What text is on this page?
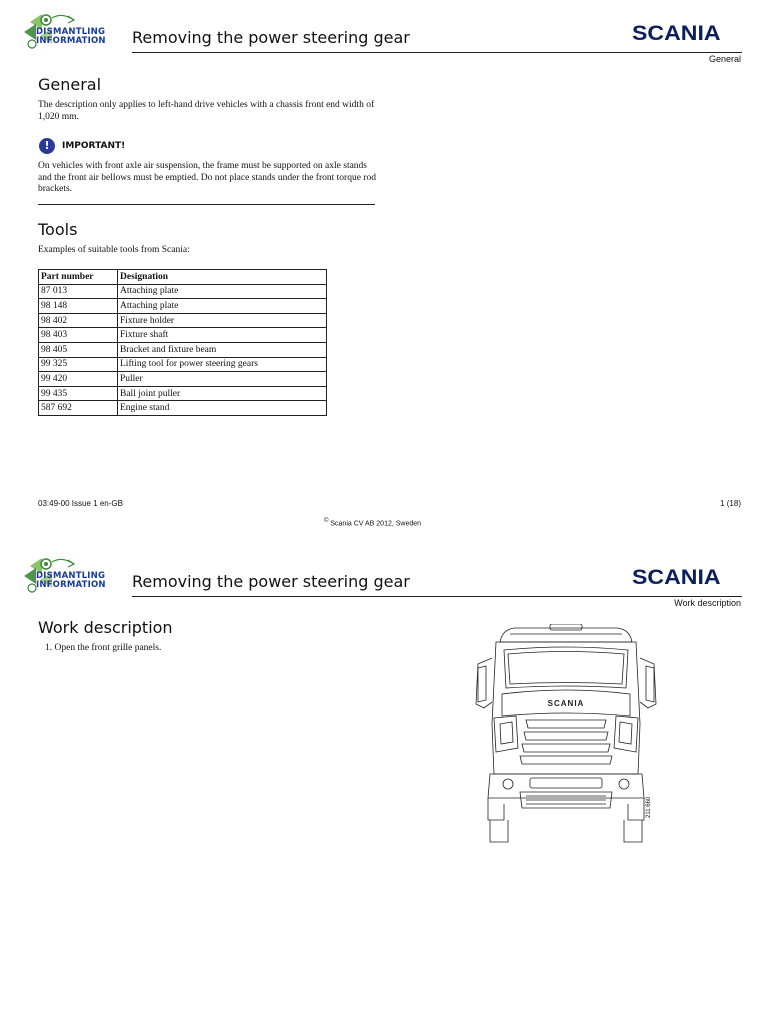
DISMANTLING
INFORMATION Removing the power steering gear	SCANIA
General
General
The description only applies to left-hand drive vehicles with a chassis front end width of 1,020 mm.
!	IMPORTANT!
On vehicles with front axle air suspension, the frame must be supported on axle stands and the front air bellows must be emptied. Do not place stands under the front torque rod brackets.
Tools
Examples of suitable tools from Scania:
Part number	Designation
87 013	Attaching plate
98 148	Attaching plate
98 402	Fixture holder
98 403	Fixture shaft
98 405	Bracket and fixture beam
99 325	Lifting tool for power steering gears
99 420	Puller
99 435	Ball joint puller
587 692	Engine stand
03:49-00 Issue 1 en-GB	1 (18)
© Scania CV AB 2012, Sweden
DISMANTLING
INFORMATION Removing the power steering gear	SCANIA
Work description
Work description
1. Open the front grille panels.
SCANIA
211 660
